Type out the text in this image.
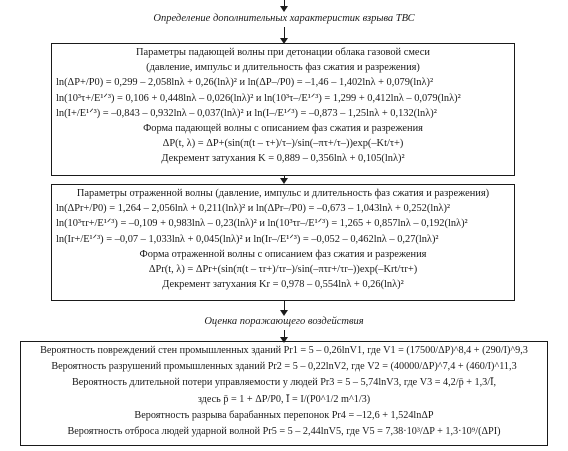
Определение дополнительных характеристик взрыва ТВС
Параметры падающей волны при детонации облака газовой смеси
(давление, импульс и длительность фаз сжатия и разрежения)
ln(ΔP+/P0) = 0,299 – 2,058lnλ + 0,26(lnλ)² и ln(ΔP–/P0) = –1,46 – 1,402lnλ + 0,079(lnλ)²
ln(10³τ+/E¹ᐟ³) = 0,106 + 0,448lnλ – 0,026(lnλ)² и ln(10³τ–/E¹ᐟ³) = 1,299 + 0,412lnλ – 0,079(lnλ)²
ln(I+/E¹ᐟ³) = –0,843 – 0,932lnλ – 0,037(lnλ)² и ln(I–/E¹ᐟ³) = –0,873 – 1,25lnλ + 0,132(lnλ)²
Форма падающей волны с описанием фаз сжатия и разрежения
ΔP(t, λ) = ΔP+(sin(π(t – τ+)/τ–)/sin(–πτ+/τ–))exp(–Kt/τ+)
Декремент затухания K = 0,889 – 0,356lnλ + 0,105(lnλ)²
Параметры отраженной волны (давление, импульс и длительность фаз сжатия и разрежения)
ln(ΔPr+/P0) = 1,264 – 2,056lnλ + 0,211(lnλ)² и ln(ΔPr–/P0) = –0,673 – 1,043lnλ + 0,252(lnλ)²
ln(10³τr+/E¹ᐟ³) = –0,109 + 0,983lnλ – 0,23(lnλ)² и ln(10³τr–/E¹ᐟ³) = 1,265 + 0,857lnλ – 0,192(lnλ)²
ln(Ir+/E¹ᐟ³) = –0,07 – 1,033lnλ + 0,045(lnλ)² и ln(Ir–/E¹ᐟ³) = –0,052 – 0,462lnλ – 0,27(lnλ)²
Форма отраженной волны с описанием фаз сжатия и разрежения
ΔPr(t, λ) = ΔPr+(sin(π(t – τr+)/τr–)/sin(–πτr+/τr–))exp(–Krt/τr+)
Декремент затухания Kr = 0,978 – 0,554lnλ + 0,26(lnλ)²
Оценка поражающего воздействия
Вероятность повреждений стен промышленных зданий Pr1 = 5 – 0,26lnV1, где V1 = (17500/ΔP)^8,4 + (290/I)^9,3
Вероятность разрушений промышленных зданий Pr2 = 5 – 0,22lnV2, где V2 = (40000/ΔP)^7,4 + (460/I)^11,3
Вероятность длительной потери управляемости у людей Pr3 = 5 – 5,74lnV3, где V3 = 4,2/p̄ + 1,3/Ī,
здесь p̄ = 1 + ΔP/P0, Ī = I/(P0^1/2 m^1/3)
Вероятность разрыва барабанных перепонок Pr4 = –12,6 + 1,524lnΔP
Вероятность отброса людей ударной волной Pr5 = 5 – 2,44lnV5, где V5 = 7,38·10³/ΔP + 1,3·10⁹/(ΔPI)
